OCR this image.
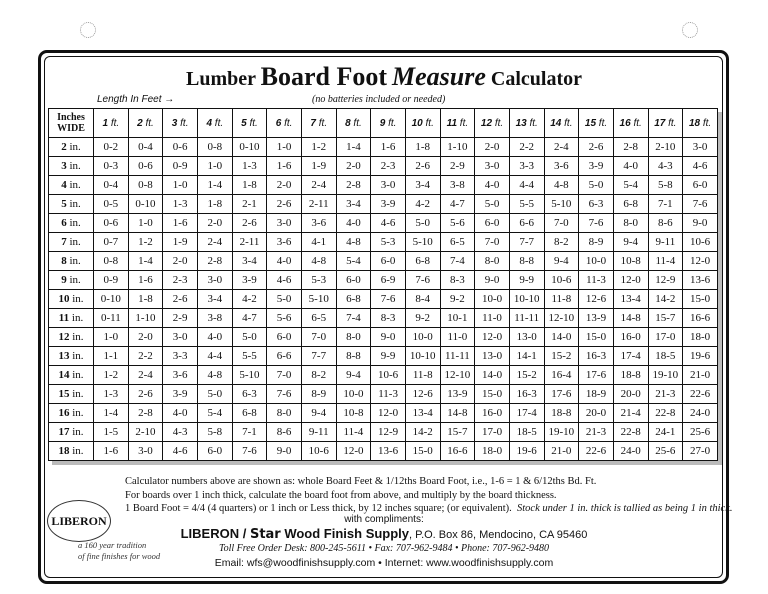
Lumber Board Foot Measure Calculator
Length In Feet →	(no batteries included or needed)
Inches
WIDE	1 ft.	2 ft.	3 ft.	4 ft.	5 ft.	6 ft.	7 ft.	8 ft.	9 ft.	10 ft.	11 ft.	12 ft.	13 ft.	14 ft.	15 ft.	16 ft.	17 ft.	18 ft.
2 in.	0-2	0-4	0-6	0-8	0-10	1-0	1-2	1-4	1-6	1-8	1-10	2-0	2-2	2-4	2-6	2-8	2-10	3-0
3 in.	0-3	0-6	0-9	1-0	1-3	1-6	1-9	2-0	2-3	2-6	2-9	3-0	3-3	3-6	3-9	4-0	4-3	4-6
4 in.	0-4	0-8	1-0	1-4	1-8	2-0	2-4	2-8	3-0	3-4	3-8	4-0	4-4	4-8	5-0	5-4	5-8	6-0
5 in.	0-5	0-10	1-3	1-8	2-1	2-6	2-11	3-4	3-9	4-2	4-7	5-0	5-5	5-10	6-3	6-8	7-1	7-6
6 in.	0-6	1-0	1-6	2-0	2-6	3-0	3-6	4-0	4-6	5-0	5-6	6-0	6-6	7-0	7-6	8-0	8-6	9-0
7 in.	0-7	1-2	1-9	2-4	2-11	3-6	4-1	4-8	5-3	5-10	6-5	7-0	7-7	8-2	8-9	9-4	9-11	10-6
8 in.	0-8	1-4	2-0	2-8	3-4	4-0	4-8	5-4	6-0	6-8	7-4	8-0	8-8	9-4	10-0	10-8	11-4	12-0
9 in.	0-9	1-6	2-3	3-0	3-9	4-6	5-3	6-0	6-9	7-6	8-3	9-0	9-9	10-6	11-3	12-0	12-9	13-6
10 in.	0-10	1-8	2-6	3-4	4-2	5-0	5-10	6-8	7-6	8-4	9-2	10-0	10-10	11-8	12-6	13-4	14-2	15-0
11 in.	0-11	1-10	2-9	3-8	4-7	5-6	6-5	7-4	8-3	9-2	10-1	11-0	11-11	12-10	13-9	14-8	15-7	16-6
12 in.	1-0	2-0	3-0	4-0	5-0	6-0	7-0	8-0	9-0	10-0	11-0	12-0	13-0	14-0	15-0	16-0	17-0	18-0
13 in.	1-1	2-2	3-3	4-4	5-5	6-6	7-7	8-8	9-9	10-10	11-11	13-0	14-1	15-2	16-3	17-4	18-5	19-6
14 in.	1-2	2-4	3-6	4-8	5-10	7-0	8-2	9-4	10-6	11-8	12-10	14-0	15-2	16-4	17-6	18-8	19-10	21-0
15 in.	1-3	2-6	3-9	5-0	6-3	7-6	8-9	10-0	11-3	12-6	13-9	15-0	16-3	17-6	18-9	20-0	21-3	22-6
16 in.	1-4	2-8	4-0	5-4	6-8	8-0	9-4	10-8	12-0	13-4	14-8	16-0	17-4	18-8	20-0	21-4	22-8	24-0
17 in.	1-5	2-10	4-3	5-8	7-1	8-6	9-11	11-4	12-9	14-2	15-7	17-0	18-5	19-10	21-3	22-8	24-1	25-6
18 in.	1-6	3-0	4-6	6-0	7-6	9-0	10-6	12-0	13-6	15-0	16-6	18-0	19-6	21-0	22-6	24-0	25-6	27-0
Calculator numbers above are shown as: whole Board Feet & 1/12ths Board Foot, i.e., 1-6 = 1 & 6/12ths Bd. Ft.
For boards over 1 inch thick, calculate the board foot from above, and multiply by the board thickness.
1 Board Foot = 4/4 (4 quarters) or 1 inch or Less thick, by 12 inches square; (or equivalent). Stock under 1 in. thick is tallied as being 1 in thick.
LIBERON
a 160 year tradition
of fine finishes for wood
with compliments:
LIBERON / Star Wood Finish Supply, P.O. Box 86, Mendocino, CA 95460
Toll Free Order Desk: 800-245-5611 • Fax: 707-962-9484 • Phone: 707-962-9480
Email: wfs@woodfinishsupply.com • Internet: www.woodfinishsupply.com
